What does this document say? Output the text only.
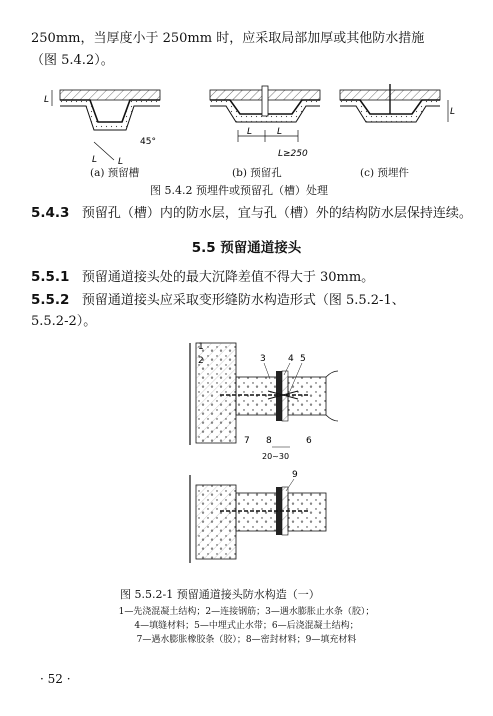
250mm，当厚度小于 250mm 时，应采取局部加厚或其他防水措施
（图 5.4.2）。
L
L L
45°
L	L
L≥250
L
(a) 预留槽	(b) 预留孔	(c) 预埋件
图 5.4.2 预埋件或预留孔（槽）处理
5.4.3 预留孔（槽）内的防水层，宜与孔（槽）外的结构防水层保持连续。
5.5 预留通道接头
5.5.1 预留通道接头处的最大沉降差值不得大于 30mm。
5.5.2 预留通道接头应采取变形缝防水构造形式（图 5.5.2-1、
5.5.2-2）。
1
2	3 4 5
7 8	6
20~30
9
图 5.5.2-1 预留通道接头防水构造（一）
1—先浇混凝土结构；2—连接钢筋；3—遇水膨胀止水条（胶）；
4—填缝材料；5—中埋式止水带；6—后浇混凝土结构；
7—遇水膨胀橡胶条（胶）；8—密封材料；9—填充材料
· 52 ·
